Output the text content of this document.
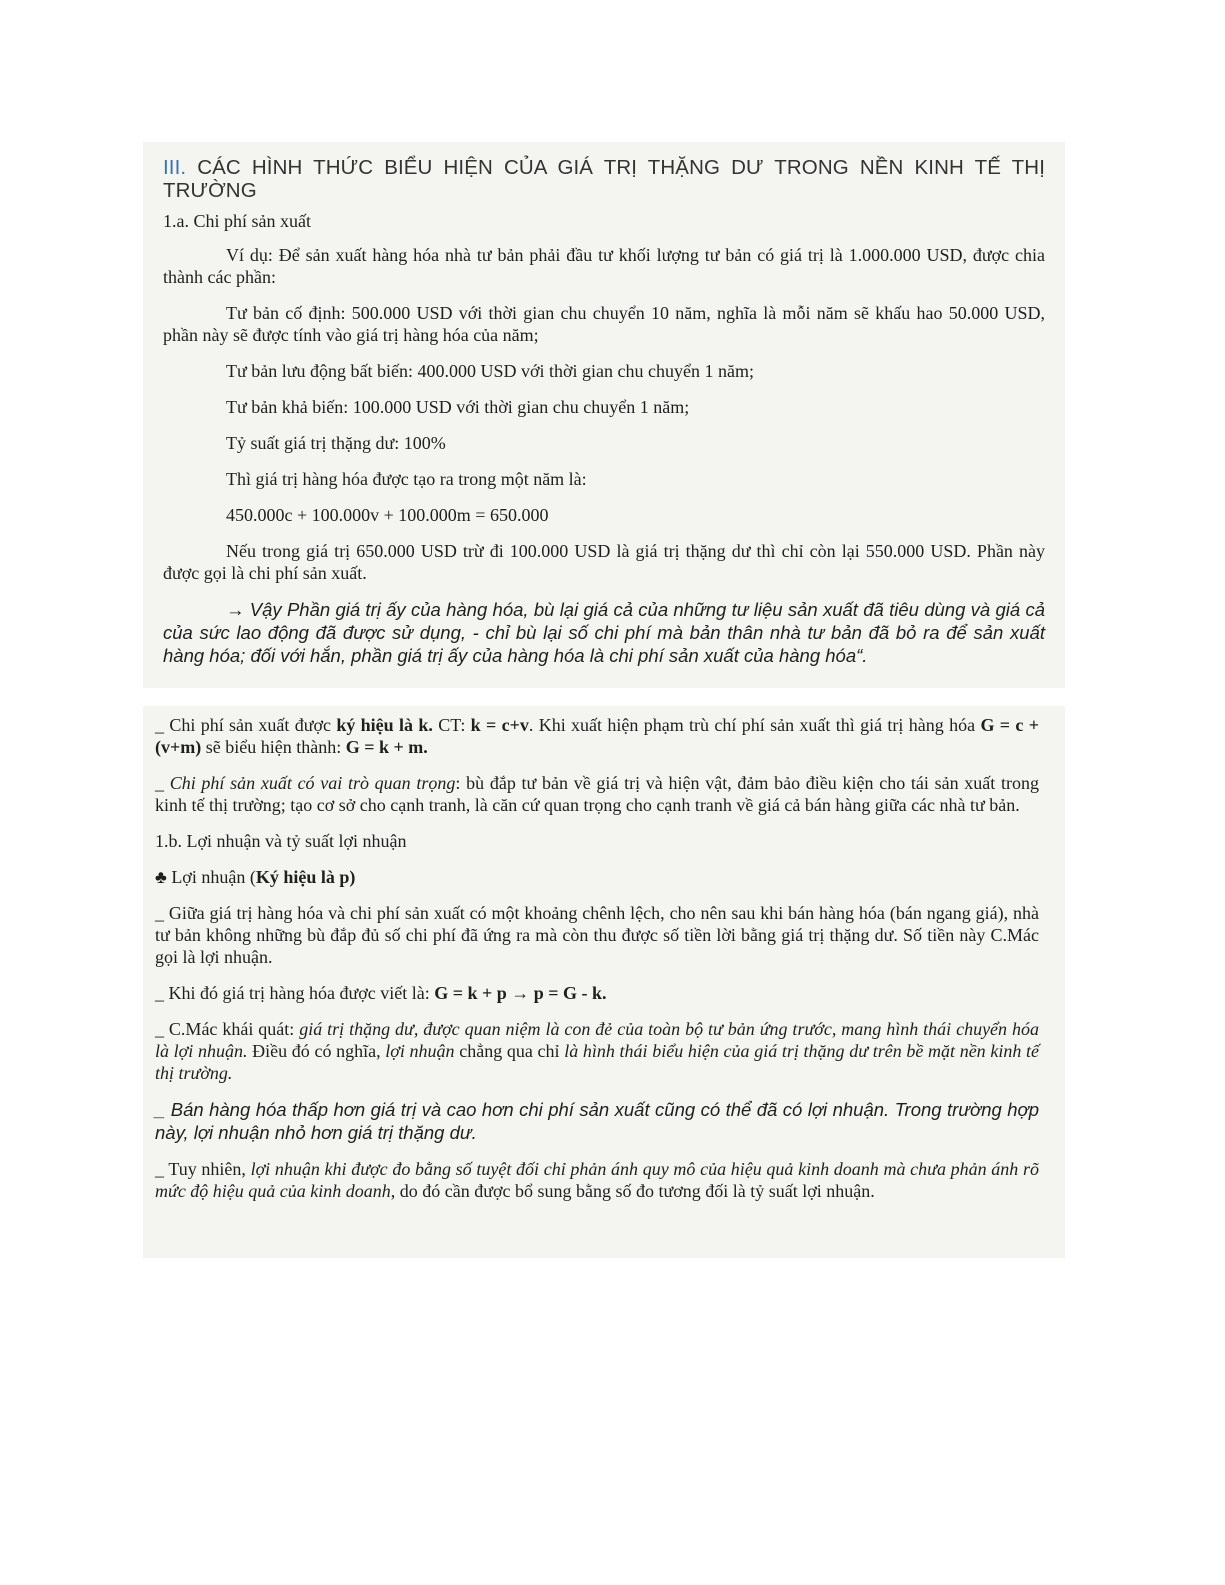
III. CÁC HÌNH THỨC BIỂU HIỆN CỦA GIÁ TRỊ THẶNG DƯ TRONG NỀN KINH TẾ THỊ TRƯỜNG

1.a. Chi phí sản xuất

Ví dụ: Để sản xuất hàng hóa nhà tư bản phải đầu tư khối lượng tư bản có giá trị là 1.000.000 USD, được chia thành các phần:

Tư bản cố định: 500.000 USD với thời gian chu chuyển 10 năm, nghĩa là mỗi năm sẽ khấu hao 50.000 USD, phần này sẽ được tính vào giá trị hàng hóa của năm;

Tư bản lưu động bất biến: 400.000 USD với thời gian chu chuyển 1 năm;

Tư bản khả biến: 100.000 USD với thời gian chu chuyển 1 năm;

Tỷ suất giá trị thặng dư: 100%

Thì giá trị hàng hóa được tạo ra trong một năm là:

450.000c + 100.000v + 100.000m = 650.000

Nếu trong giá trị 650.000 USD trừ đi 100.000 USD là giá trị thặng dư thì chỉ còn lại 550.000 USD. Phần này được gọi là chi phí sản xuất.

→ Vậy Phần giá trị ấy của hàng hóa, bù lại giá cả của những tư liệu sản xuất đã tiêu dùng và giá cả của sức lao động đã được sử dụng, - chỉ bù lại số chi phí mà bản thân nhà tư bản đã bỏ ra để sản xuất hàng hóa; đối với hắn, phần giá trị ấy của hàng hóa là chi phí sản xuất của hàng hóa“.

_ Chi phí sản xuất được ký hiệu là k. CT: k = c+v. Khi xuất hiện phạm trù chí phí sản xuất thì giá trị hàng hóa G = c + (v+m) sẽ biểu hiện thành: G = k + m.

_ Chi phí sản xuất có vai trò quan trọng: bù đắp tư bản về giá trị và hiện vật, đảm bảo điều kiện cho tái sản xuất trong kinh tế thị trường; tạo cơ sở cho cạnh tranh, là căn cứ quan trọng cho cạnh tranh về giá cả bán hàng giữa các nhà tư bản.

1.b. Lợi nhuận và tỷ suất lợi nhuận

♣ Lợi nhuận (Ký hiệu là p)

_ Giữa giá trị hàng hóa và chi phí sản xuất có một khoảng chênh lệch, cho nên sau khi bán hàng hóa (bán ngang giá), nhà tư bản không những bù đắp đủ số chi phí đã ứng ra mà còn thu được số tiền lời bằng giá trị thặng dư. Số tiền này C.Mác gọi là lợi nhuận.

_ Khi đó giá trị hàng hóa được viết là: G = k + p → p = G - k.

_ C.Mác khái quát: giá trị thặng dư, được quan niệm là con đẻ của toàn bộ tư bản ứng trước, mang hình thái chuyển hóa là lợi nhuận. Điều đó có nghĩa, lợi nhuận chẳng qua chỉ là hình thái biểu hiện của giá trị thặng dư trên bề mặt nền kinh tế thị trường.

_ Bán hàng hóa thấp hơn giá trị và cao hơn chi phí sản xuất cũng có thể đã có lợi nhuận. Trong trường hợp này, lợi nhuận nhỏ hơn giá trị thặng dư.

_ Tuy nhiên, lợi nhuận khi được đo bằng số tuyệt đối chỉ phản ánh quy mô của hiệu quả kinh doanh mà chưa phản ánh rõ mức độ hiệu quả của kinh doanh, do đó cần được bổ sung bằng số đo tương đối là tỷ suất lợi nhuận.
